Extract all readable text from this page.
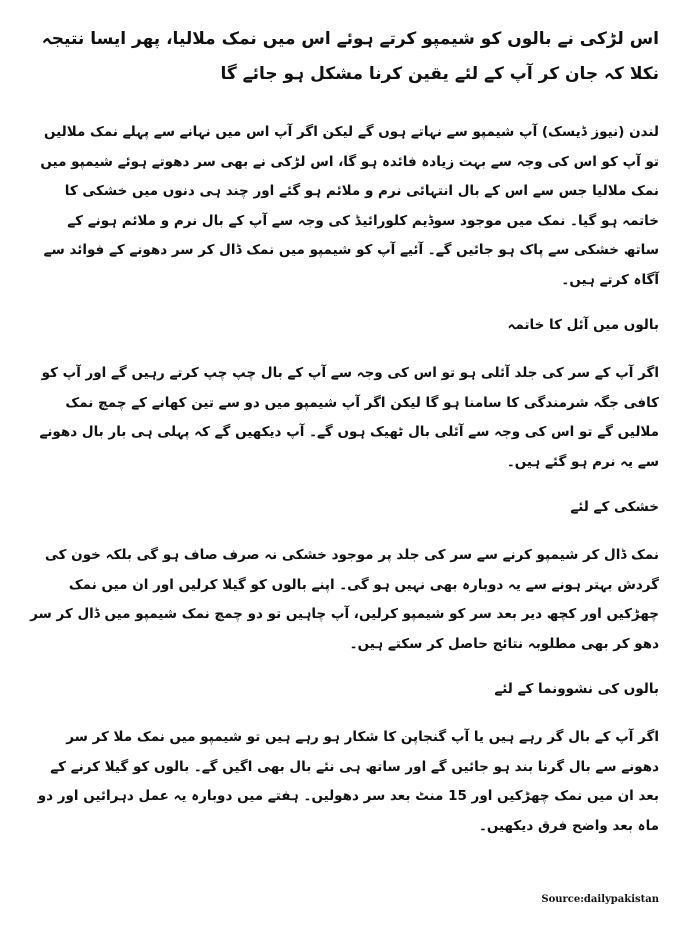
اس لڑکی نے بالوں کو شیمپو کرتے ہوئے اس میں نمک ملالیا، پھر ایسا نتیجہ نکلا کہ جان کر آپ کے لئے یقین کرنا مشکل ہو جائے گا
لندن (نیوز ڈیسک) آپ شیمپو سے نہاتے ہوں گے لیکن اگر آپ اس میں نہانے سے پہلے نمک ملالیں تو آپ کو اس کی وجہ سے بہت زیادہ فائدہ ہو گا، اس لڑکی نے بھی سر دھوتے ہوئے شیمپو میں نمک ملالیا جس سے اس کے بال انتہائی نرم و ملائم ہو گئے اور چند ہی دنوں میں خشکی کا خاتمہ ہو گیا۔ نمک میں موجود سوڈیم کلورائیڈ کی وجہ سے آپ کے بال نرم و ملائم ہونے کے ساتھ خشکی سے پاک ہو جائیں گے۔ آئیے آپ کو شیمپو میں نمک ڈال کر سر دھونے کے فوائد سے آگاہ کرتے ہیں۔
بالوں میں آئل کا خاتمہ
اگر آپ کے سر کی جلد آئلی ہو تو اس کی وجہ سے آپ کے بال چپ چپ کرتے رہیں گے اور آپ کو کافی جگہ شرمندگی کا سامنا ہو گا لیکن اگر آپ شیمپو میں دو سے تین کھانے کے چمچ نمک ملالیں گے تو اس کی وجہ سے آئلی بال ٹھیک ہوں گے۔ آپ دیکھیں گے کہ پہلی ہی بار بال دھونے سے یہ نرم ہو گئے ہیں۔
خشکی کے لئے
نمک ڈال کر شیمپو کرنے سے سر کی جلد پر موجود خشکی نہ صرف صاف ہو گی بلکہ خون کی گردش بہتر ہونے سے یہ دوبارہ بھی نہیں ہو گی۔ اپنے بالوں کو گیلا کرلیں اور ان میں نمک چھڑکیں اور کچھ دیر بعد سر کو شیمپو کرلیں، آپ چاہیں تو دو چمچ نمک شیمپو میں ڈال کر سر دھو کر بھی مطلوبہ نتائج حاصل کر سکتے ہیں۔
بالوں کی نشوونما کے لئے
اگر آپ کے بال گر رہے ہیں یا آپ گنجاپن کا شکار ہو رہے ہیں تو شیمپو میں نمک ملا کر سر دھونے سے بال گرنا بند ہو جائیں گے اور ساتھ ہی نئے بال بھی اگیں گے۔ بالوں کو گیلا کرنے کے بعد ان میں نمک چھڑکیں اور 15 منٹ بعد سر دھولیں۔ ہفتے میں دوبارہ یہ عمل دہرائیں اور دو ماہ بعد واضح فرق دیکھیں۔
Source:dailypakistan
